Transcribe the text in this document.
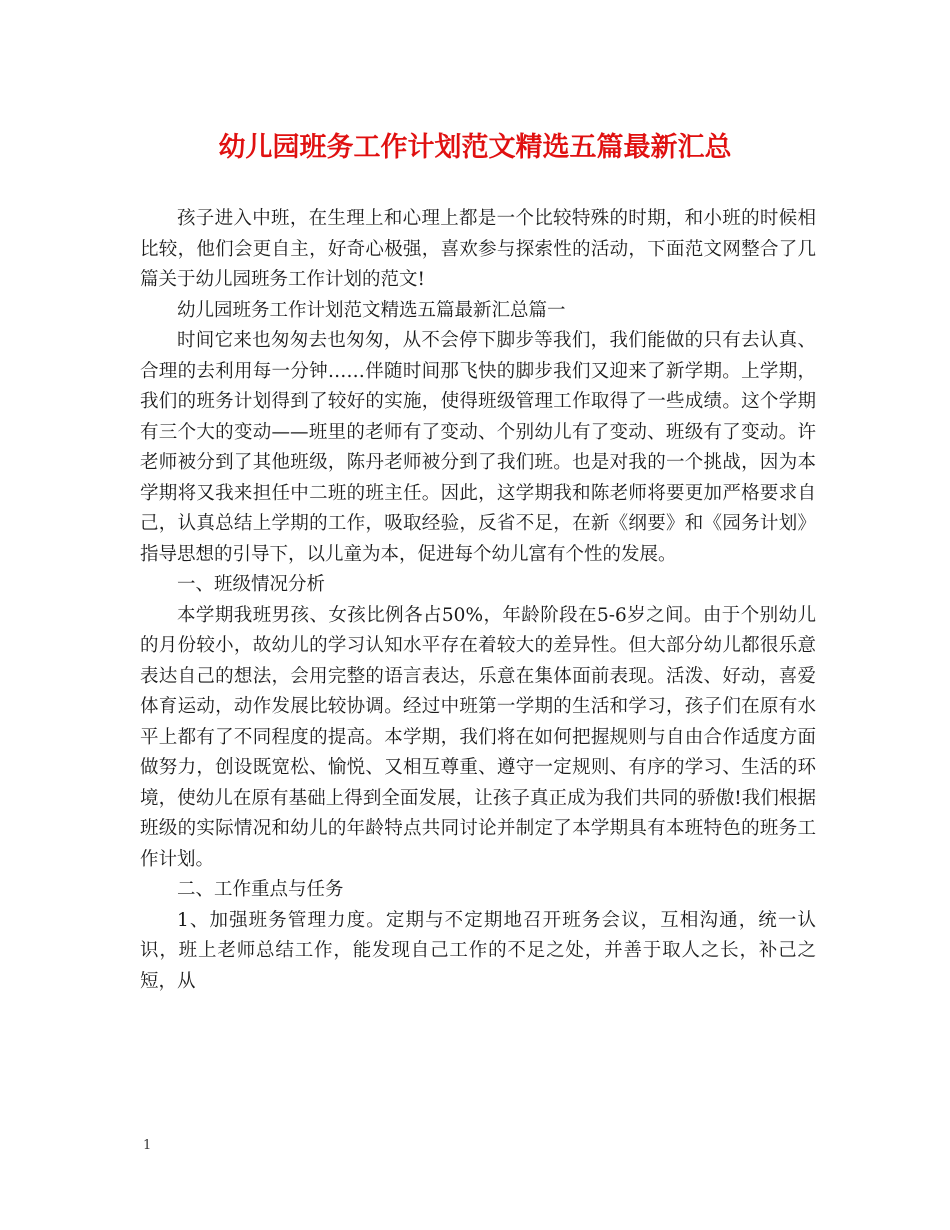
幼儿园班务工作计划范文精选五篇最新汇总

孩子进入中班，在生理上和心理上都是一个比较特殊的时期，和小班的时候相比较，他们会更自主，好奇心极强，喜欢参与探索性的活动，下面范文网整合了几篇关于幼儿园班务工作计划的范文!

幼儿园班务工作计划范文精选五篇最新汇总篇一

时间它来也匆匆去也匆匆，从不会停下脚步等我们，我们能做的只有去认真、合理的去利用每一分钟……伴随时间那飞快的脚步我们又迎来了新学期。上学期，我们的班务计划得到了较好的实施，使得班级管理工作取得了一些成绩。这个学期有三个大的变动——班里的老师有了变动、个别幼儿有了变动、班级有了变动。许老师被分到了其他班级，陈丹老师被分到了我们班。也是对我的一个挑战，因为本学期将又我来担任中二班的班主任。因此，这学期我和陈老师将要更加严格要求自己，认真总结上学期的工作，吸取经验，反省不足，在新《纲要》和《园务计划》指导思想的引导下，以儿童为本，促进每个幼儿富有个性的发展。

一、班级情况分析

本学期我班男孩、女孩比例各占50%，年龄阶段在5-6岁之间。由于个别幼儿的月份较小，故幼儿的学习认知水平存在着较大的差异性。但大部分幼儿都很乐意表达自己的想法，会用完整的语言表达，乐意在集体面前表现。活泼、好动，喜爱体育运动，动作发展比较协调。经过中班第一学期的生活和学习，孩子们在原有水平上都有了不同程度的提高。本学期，我们将在如何把握规则与自由合作适度方面做努力，创设既宽松、愉悦、又相互尊重、遵守一定规则、有序的学习、生活的环境，使幼儿在原有基础上得到全面发展，让孩子真正成为我们共同的骄傲!我们根据班级的实际情况和幼儿的年龄特点共同讨论并制定了本学期具有本班特色的班务工作计划。

二、工作重点与任务

1、加强班务管理力度。定期与不定期地召开班务会议，互相沟通，统一认识，班上老师总结工作，能发现自己工作的不足之处，并善于取人之长，补己之短，从

1
